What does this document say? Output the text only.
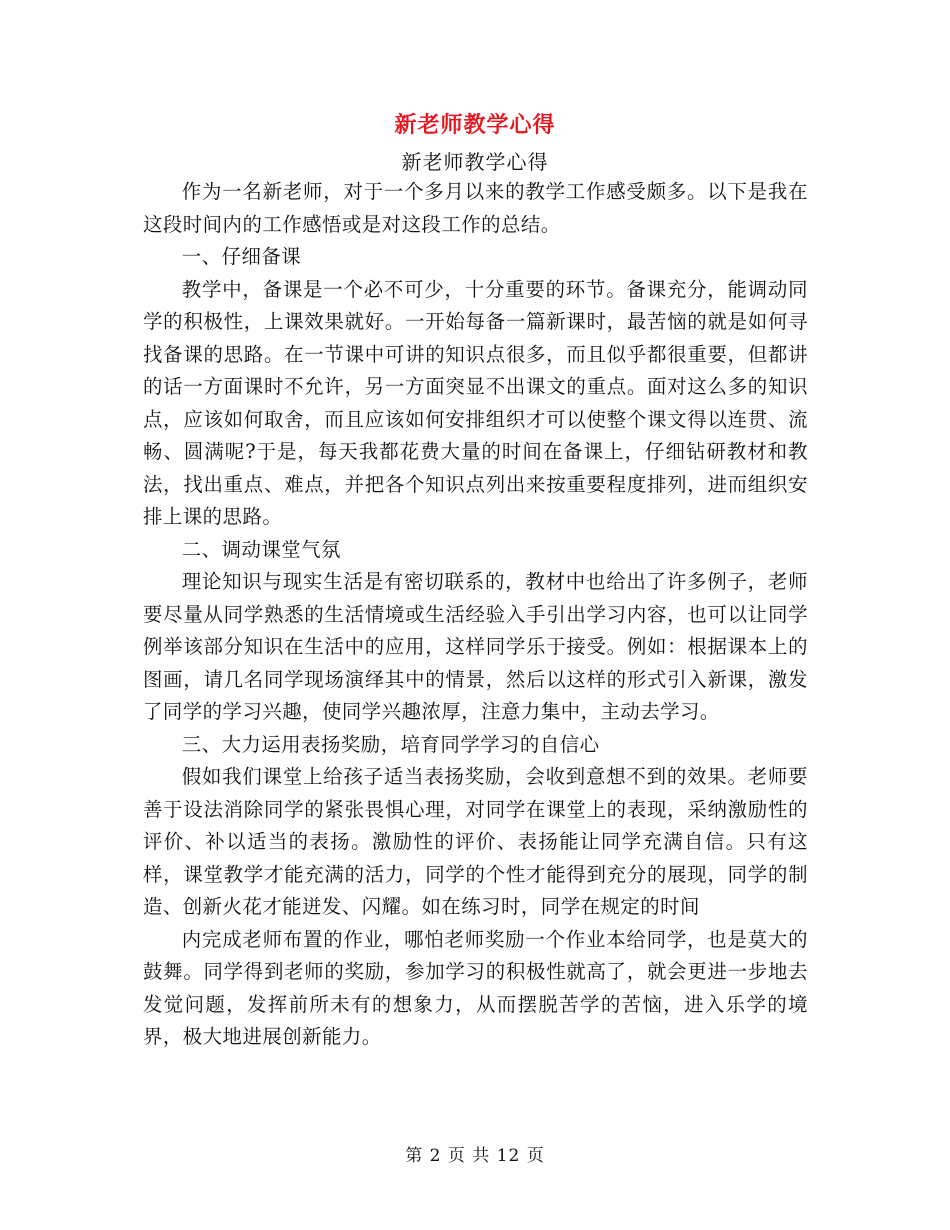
新老师教学心得
新老师教学心得

作为一名新老师，对于一个多月以来的教学工作感受颇多。以下是我在这段时间内的工作感悟或是对这段工作的总结。

一、仔细备课

教学中，备课是一个必不可少，十分重要的环节。备课充分，能调动同学的积极性，上课效果就好。一开始每备一篇新课时，最苦恼的就是如何寻找备课的思路。在一节课中可讲的知识点很多，而且似乎都很重要，但都讲的话一方面课时不允许，另一方面突显不出课文的重点。面对这么多的知识点，应该如何取舍，而且应该如何安排组织才可以使整个课文得以连贯、流畅、圆满呢?于是，每天我都花费大量的时间在备课上，仔细钻研教材和教法，找出重点、难点，并把各个知识点列出来按重要程度排列，进而组织安排上课的思路。

二、调动课堂气氛

理论知识与现实生活是有密切联系的，教材中也给出了许多例子，老师要尽量从同学熟悉的生活情境或生活经验入手引出学习内容，也可以让同学例举该部分知识在生活中的应用，这样同学乐于接受。例如：根据课本上的图画，请几名同学现场演绎其中的情景，然后以这样的形式引入新课，激发了同学的学习兴趣，使同学兴趣浓厚，注意力集中，主动去学习。

三、大力运用表扬奖励，培育同学学习的自信心

假如我们课堂上给孩子适当表扬奖励，会收到意想不到的效果。老师要善于设法消除同学的紧张畏惧心理，对同学在课堂上的表现，采纳激励性的评价、补以适当的表扬。激励性的评价、表扬能让同学充满自信。只有这样，课堂教学才能充满的活力，同学的个性才能得到充分的展现，同学的制造、创新火花才能迸发、闪耀。如在练习时，同学在规定的时间

内完成老师布置的作业，哪怕老师奖励一个作业本给同学，也是莫大的鼓舞。同学得到老师的奖励，参加学习的积极性就高了，就会更进一步地去发觉问题，发挥前所未有的想象力，从而摆脱苦学的苦恼，进入乐学的境界，极大地进展创新能力。

第 2 页 共 12 页
